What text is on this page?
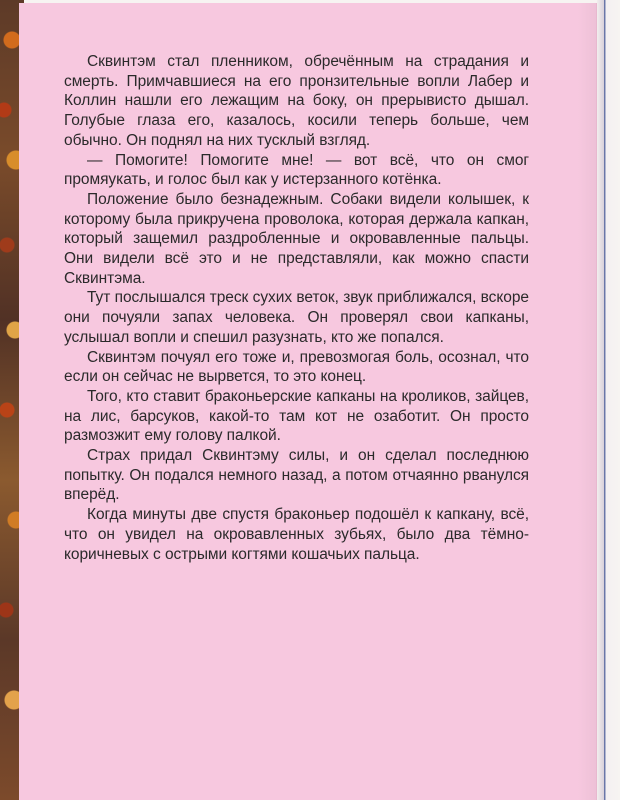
Сквинтэм стал пленником, обречённым на страдания и смерть. Примчавшиеся на его пронзительные вопли Лабер и Коллин нашли его лежащим на боку, он прерывисто дышал. Голубые глаза его, казалось, косили теперь больше, чем обычно. Он поднял на них тусклый взгляд.

— Помогите! Помогите мне! — вот всё, что он смог промяукать, и голос был как у истерзанного котёнка.

Положение было безнадежным. Собаки видели колышек, к которому была прикручена проволока, которая держала капкан, который защемил раздробленные и окровавленные пальцы. Они видели всё это и не представляли, как можно спасти Сквинтэма.

Тут послышался треск сухих веток, звук приближался, вскоре они почуяли запах человека. Он проверял свои капканы, услышал вопли и спешил разузнать, кто же попался.

Сквинтэм почуял его тоже и, превозмогая боль, осознал, что если он сейчас не вырвется, то это конец.

Того, кто ставит браконьерские капканы на кроликов, зайцев, на лис, барсуков, какой-то там кот не озаботит. Он просто размозжит ему голову палкой.

Страх придал Сквинтэму силы, и он сделал последнюю попытку. Он подался немного назад, а потом отчаянно рванулся вперёд.

Когда минуты две спустя браконьер подошёл к капкану, всё, что он увидел на окровавленных зубьях, было два тёмно-коричневых с острыми когтями кошачьих пальца.
